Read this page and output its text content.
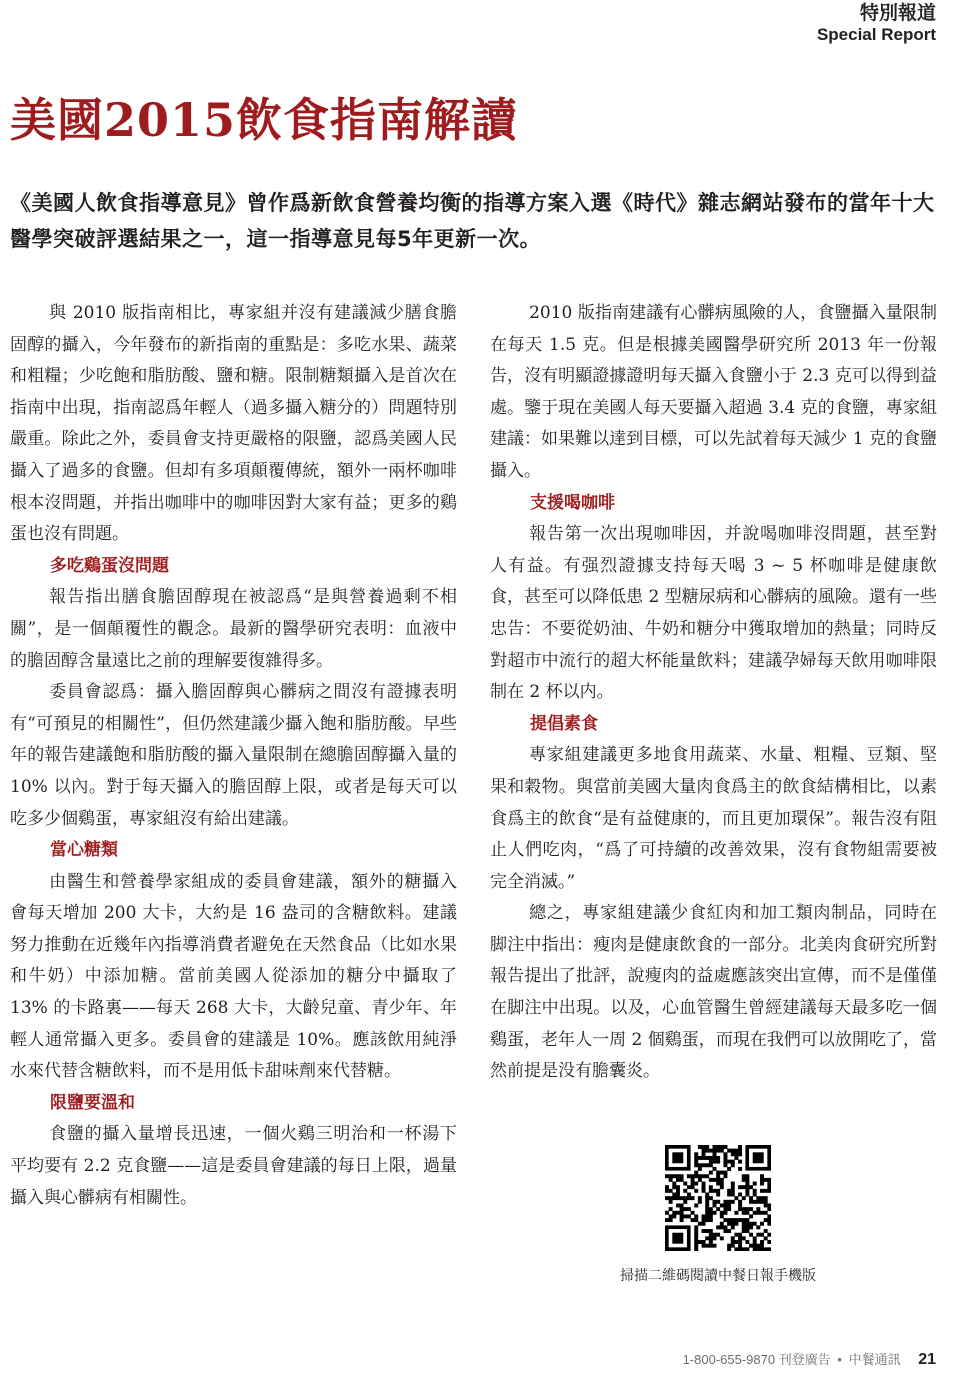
特別報道
Special Report
美國2015飲食指南解讀

《美國人飲食指導意見》曾作爲新飲食營養均衡的指導方案入選《時代》雜志網站發布的當年十大醫學突破評選結果之一，這一指導意見每5年更新一次。

與 2010 版指南相比，專家組并沒有建議減少膳食膽固醇的攝入，今年發布的新指南的重點是：多吃水果、蔬菜和粗糧；少吃飽和脂肪酸、鹽和糖。限制糖類攝入是首次在指南中出現，指南認爲年輕人（過多攝入糖分的）問題特別嚴重。除此之外，委員會支持更嚴格的限鹽，認爲美國人民攝入了過多的食鹽。但却有多項顛覆傳統，額外一兩杯咖啡根本沒問題，并指出咖啡中的咖啡因對大家有益；更多的鷄蛋也沒有問題。

多吃鷄蛋沒問題

報告指出膳食膽固醇現在被認爲“是與營養過剩不相關”，是一個顛覆性的觀念。最新的醫學研究表明：血液中的膽固醇含量遠比之前的理解要復雜得多。

委員會認爲：攝入膽固醇與心髒病之間沒有證據表明有“可預見的相關性”，但仍然建議少攝入飽和脂肪酸。早些年的報告建議飽和脂肪酸的攝入量限制在總膽固醇攝入量的 10% 以內。對于每天攝入的膽固醇上限，或者是每天可以吃多少個鷄蛋，專家組沒有給出建議。

當心糖類

由醫生和營養學家組成的委員會建議，額外的糖攝入會每天增加 200 大卡，大約是 16 盎司的含糖飲料。建議努力推動在近幾年內指導消費者避免在天然食品（比如水果和牛奶）中添加糖。當前美國人從添加的糖分中攝取了 13% 的卡路裏——每天 268 大卡，大齡兒童、青少年、年輕人通常攝入更多。委員會的建議是 10%。應該飲用純淨水來代替含糖飲料，而不是用低卡甜味劑來代替糖。

限鹽要溫和

食鹽的攝入量增長迅速，一個火鷄三明治和一杯湯下平均要有 2.2 克食鹽——這是委員會建議的每日上限，過量攝入與心髒病有相關性。

2010 版指南建議有心髒病風險的人，食鹽攝入量限制在每天 1.5 克。但是根據美國醫學研究所 2013 年一份報告，沒有明顯證據證明每天攝入食鹽小于 2.3 克可以得到益處。鑒于現在美國人每天要攝入超過 3.4 克的食鹽，專家組建議：如果難以達到目標，可以先試着每天減少 1 克的食鹽攝入。

支援喝咖啡

報告第一次出現咖啡因，并說喝咖啡沒問題，甚至對人有益。有强烈證據支持每天喝 3 ~ 5 杯咖啡是健康飲食，甚至可以降低患 2 型糖尿病和心髒病的風險。還有一些忠告：不要從奶油、牛奶和糖分中獲取增加的熱量；同時反對超市中流行的超大杯能量飲料；建議孕婦每天飲用咖啡限制在 2 杯以内。

提倡素食

專家組建議更多地食用蔬菜、水量、粗糧、豆類、堅果和穀物。與當前美國大量肉食爲主的飲食結構相比，以素食爲主的飲食“是有益健康的，而且更加環保”。報告沒有阻止人們吃肉，“爲了可持續的改善效果，沒有食物組需要被完全消滅。”

總之，專家組建議少食紅肉和加工類肉制品，同時在脚注中指出：瘦肉是健康飲食的一部分。北美肉食研究所對報告提出了批評，說瘦肉的益處應該突出宣傳，而不是僅僅在脚注中出現。以及，心血管醫生曾經建議每天最多吃一個鷄蛋，老年人一周 2 個鷄蛋，而現在我們可以放開吃了，當然前提是没有膽囊炎。

掃描二維碼閱讀中餐日報手機版
1-800-655-9870 刊登廣告 • 中餐通訊 21
